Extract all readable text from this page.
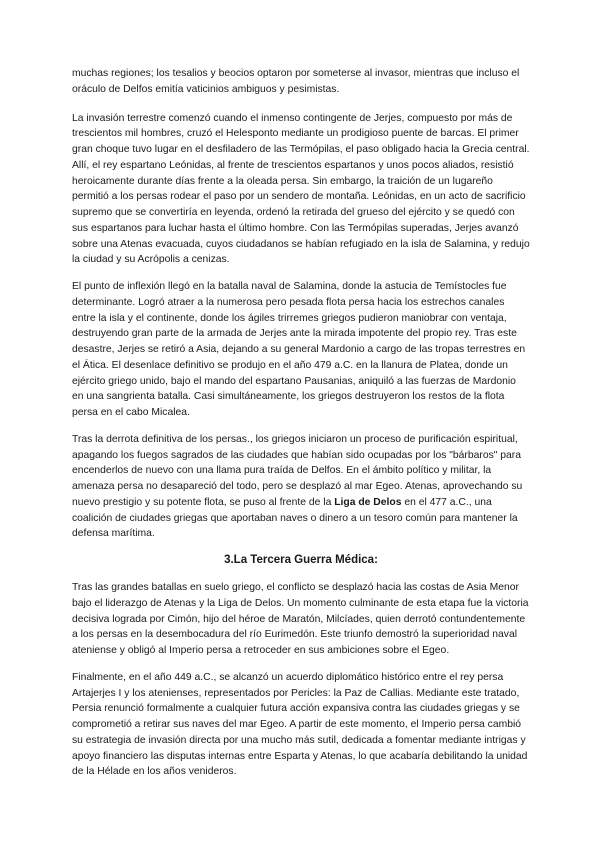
muchas regiones; los tesalios y beocios optaron por someterse al invasor, mientras que incluso el oráculo de Delfos emitía vaticinios ambiguos y pesimistas.

La invasión terrestre comenzó cuando el inmenso contingente de Jerjes, compuesto por más de trescientos mil hombres, cruzó el Helesponto mediante un prodigioso puente de barcas. El primer gran choque tuvo lugar en el desfiladero de las Termópilas, el paso obligado hacia la Grecia central. Allí, el rey espartano Leónidas, al frente de trescientos espartanos y unos pocos aliados, resistió heroicamente durante días frente a la oleada persa. Sin embargo, la traición de un lugareño permitió a los persas rodear el paso por un sendero de montaña. Leónidas, en un acto de sacrificio supremo que se convertiría en leyenda, ordenó la retirada del grueso del ejército y se quedó con sus espartanos para luchar hasta el último hombre. Con las Termópilas superadas, Jerjes avanzó sobre una Atenas evacuada, cuyos ciudadanos se habían refugiado en la isla de Salamina, y redujo la ciudad y su Acrópolis a cenizas.

El punto de inflexión llegó en la batalla naval de Salamina, donde la astucia de Temístocles fue determinante. Logró atraer a la numerosa pero pesada flota persa hacia los estrechos canales entre la isla y el continente, donde los ágiles trirremes griegos pudieron maniobrar con ventaja, destruyendo gran parte de la armada de Jerjes ante la mirada impotente del propio rey. Tras este desastre, Jerjes se retiró a Asia, dejando a su general Mardonio a cargo de las tropas terrestres en el Ática. El desenlace definitivo se produjo en el año 479 a.C. en la llanura de Platea, donde un ejército griego unido, bajo el mando del espartano Pausanias, aniquiló a las fuerzas de Mardonio en una sangrienta batalla. Casi simultáneamente, los griegos destruyeron los restos de la flota persa en el cabo Micalea.

Tras la derrota definitiva de los persas., los griegos iniciaron un proceso de purificación espiritual, apagando los fuegos sagrados de las ciudades que habían sido ocupadas por los "bárbaros" para encenderlos de nuevo con una llama pura traída de Delfos. En el ámbito político y militar, la amenaza persa no desapareció del todo, pero se desplazó al mar Egeo. Atenas, aprovechando su nuevo prestigio y su potente flota, se puso al frente de la Liga de Delos en el 477 a.C., una coalición de ciudades griegas que aportaban naves o dinero a un tesoro común para mantener la defensa marítima.

3.La Tercera Guerra Médica:

Tras las grandes batallas en suelo griego, el conflicto se desplazó hacia las costas de Asia Menor bajo el liderazgo de Atenas y la Liga de Delos. Un momento culminante de esta etapa fue la victoria decisiva lograda por Cimón, hijo del héroe de Maratón, Milcíades, quien derrotó contundentemente a los persas en la desembocadura del río Eurimedón. Este triunfo demostró la superioridad naval ateniense y obligó al Imperio persa a retroceder en sus ambiciones sobre el Egeo.

Finalmente, en el año 449 a.C., se alcanzó un acuerdo diplomático histórico entre el rey persa Artajerjes I y los atenienses, representados por Pericles: la Paz de Callias. Mediante este tratado, Persia renunció formalmente a cualquier futura acción expansiva contra las ciudades griegas y se comprometió a retirar sus naves del mar Egeo. A partir de este momento, el Imperio persa cambió su estrategia de invasión directa por una mucho más sutil, dedicada a fomentar mediante intrigas y apoyo financiero las disputas internas entre Esparta y Atenas, lo que acabaría debilitando la unidad de la Hélade en los años venideros.
